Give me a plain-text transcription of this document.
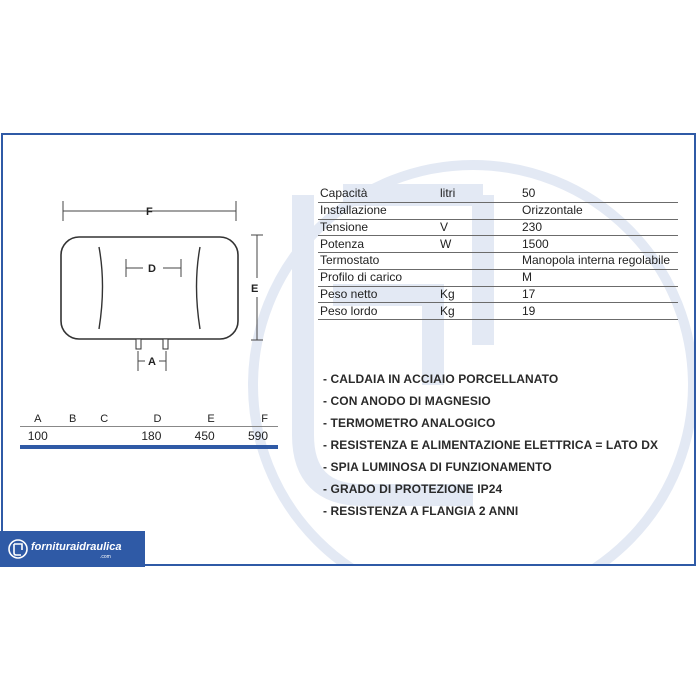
F
D
E
A
Capacità	litri	50
Installazione		Orizzontale
Tensione	V	230
Potenza	W	1500
Termostato		Manopola interna regolabile
Profilo di carico		M
Peso netto	Kg	17
Peso lordo	Kg	19
A	B	C	D	E	F
100			180	450	590
- CALDAIA IN ACCIAIO PORCELLANATO
- CON ANODO DI MAGNESIO
- TERMOMETRO ANALOGICO
- RESISTENZA E ALIMENTAZIONE ELETTRICA = LATO DX
- SPIA LUMINOSA DI FUNZIONAMENTO
- GRADO DI PROTEZIONE IP24
- RESISTENZA A FLANGIA 2 ANNI
fornituraidraulica
.com
